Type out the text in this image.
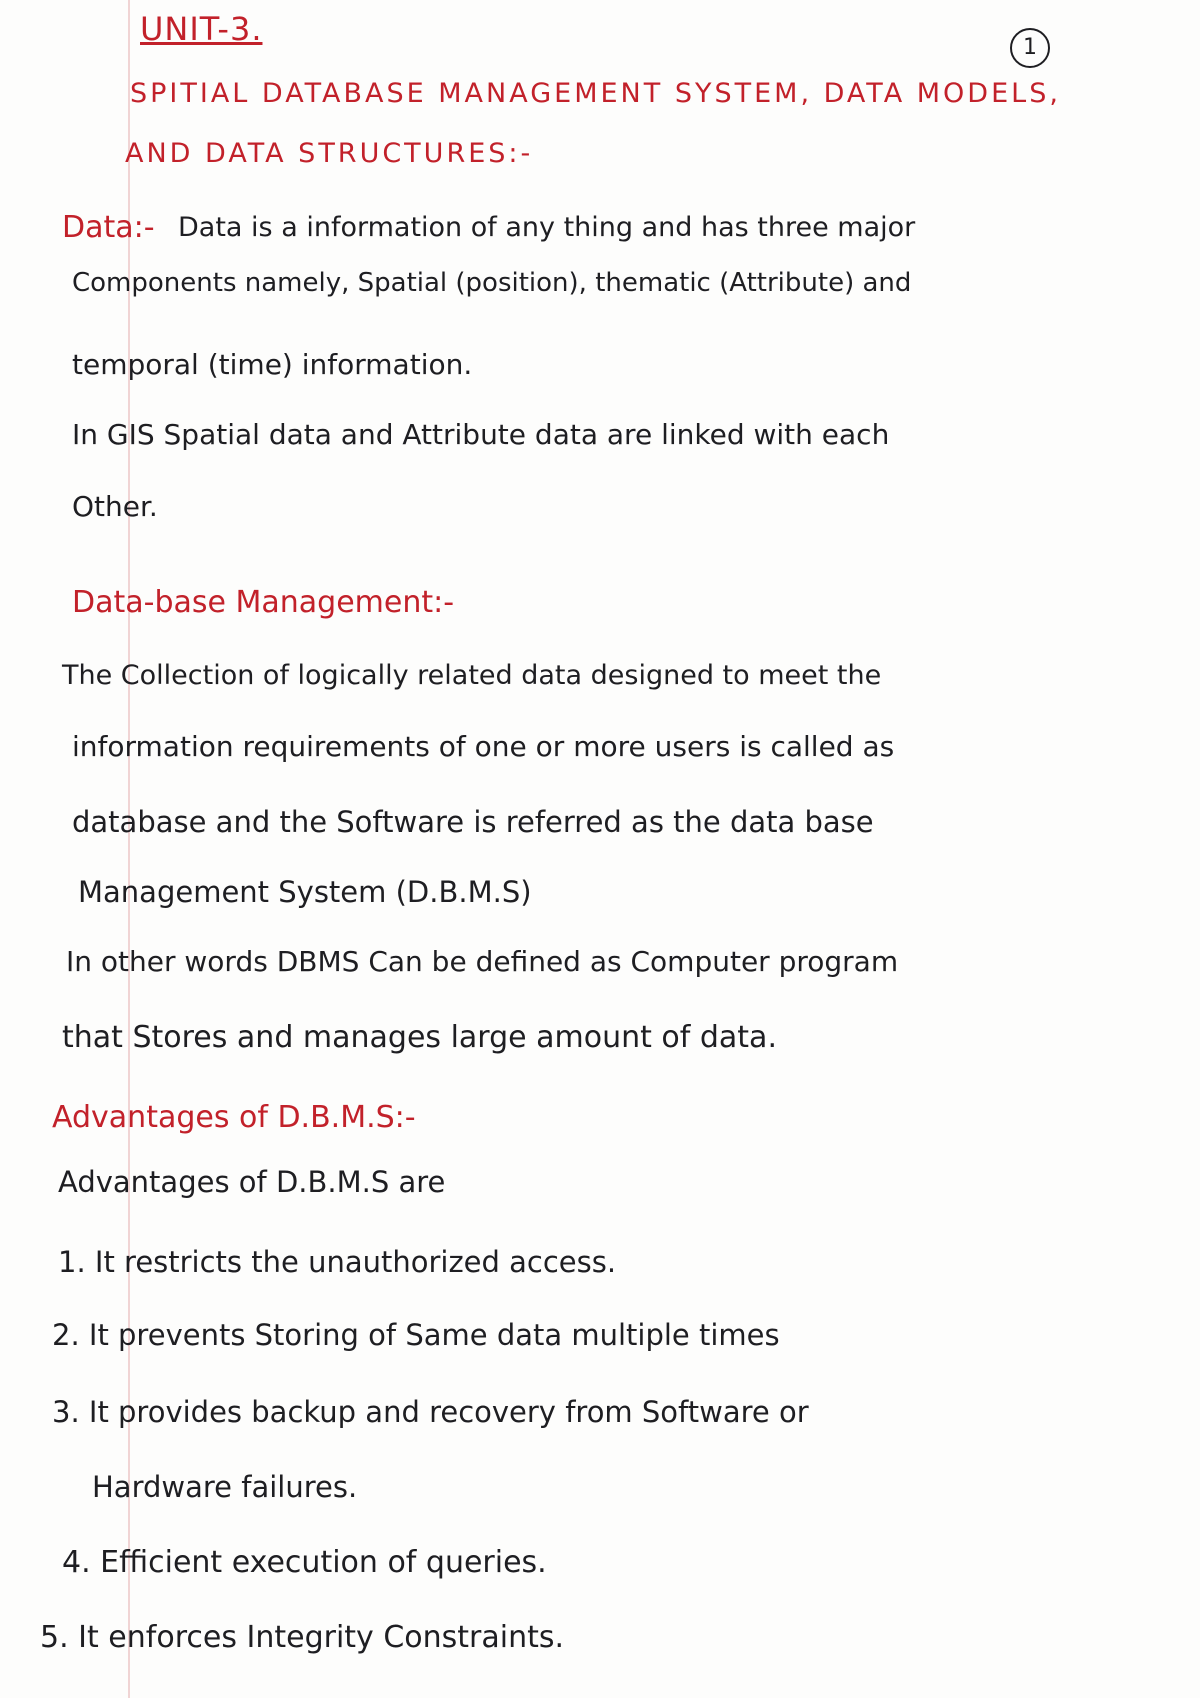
UNIT-3.	1
SPITIAL DATABASE MANAGEMENT SYSTEM, DATA MODELS,
AND DATA STRUCTURES:-
Data:- Data is a information of any thing and has three major
Components namely, Spatial (position), thematic (Attribute) and
temporal (time) information.
In GIS Spatial data and Attribute data are linked with each
Other.
Data-base Management:-
The Collection of logically related data designed to meet the
information requirements of one or more users is called as
database and the Software is referred as the data base
Management System (D.B.M.S)
In other words DBMS Can be defined as Computer program
that Stores and manages large amount of data.
Advantages of D.B.M.S:-
Advantages of D.B.M.S are
1. It restricts the unauthorized access.
2. It prevents Storing of Same data multiple times
3. It provides backup and recovery from Software or
Hardware failures.
4. Efficient execution of queries.
5. It enforces Integrity Constraints.
